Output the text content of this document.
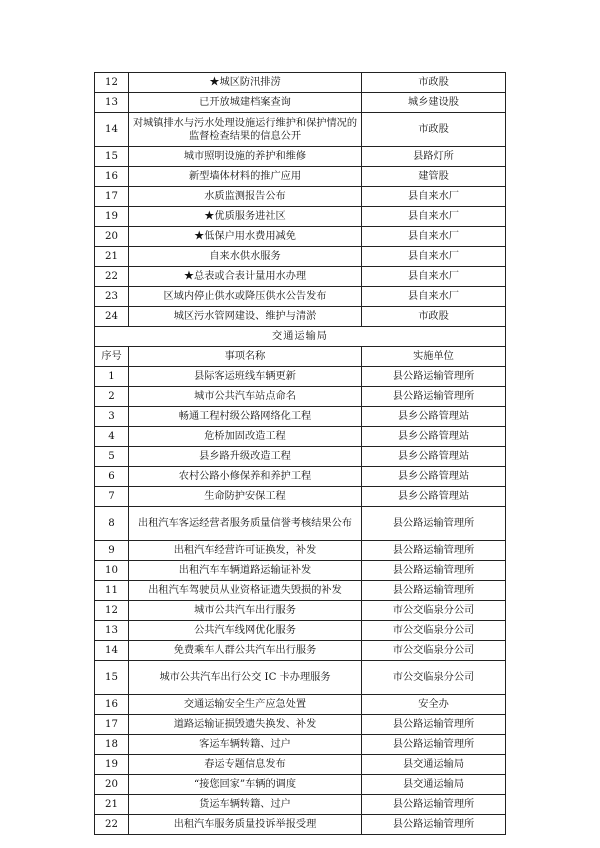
12	★城区防汛排涝	市政股
13	已开放城建档案查询	城乡建设股
14	对城镇排水与污水处理设施运行维护和保护情况的监督检查结果的信息公开	市政股
15	城市照明设施的养护和维修	县路灯所
16	新型墙体材料的推广应用	建管股
17	水质监测报告公布	县自来水厂
19	★优质服务进社区	县自来水厂
20	★低保户用水费用减免	县自来水厂
21	自来水供水服务	县自来水厂
22	★总表或合表计量用水办理	县自来水厂
23	区域内停止供水或降压供水公告发布	县自来水厂
24	城区污水管网建设、维护与清淤	市政股
交通运输局		
序号	事项名称	实施单位
1	县际客运班线车辆更新	县公路运输管理所
2	城市公共汽车站点命名	县公路运输管理所
3	畅通工程村级公路网络化工程	县乡公路管理站
4	危桥加固改造工程	县乡公路管理站
5	县乡路升级改造工程	县乡公路管理站
6	农村公路小修保养和养护工程	县乡公路管理站
7	生命防护安保工程	县乡公路管理站
8	出租汽车客运经营者服务质量信誉考核结果公布	县公路运输管理所
9	出租汽车经营许可证换发，补发	县公路运输管理所
10	出租汽车车辆道路运输证补发	县公路运输管理所
11	出租汽车驾驶员从业资格证遗失毁损的补发	县公路运输管理所
12	城市公共汽车出行服务	市公交临泉分公司
13	公共汽车线网优化服务	市公交临泉分公司
14	免费乘车人群公共汽车出行服务	市公交临泉分公司
15	城市公共汽车出行公交 IC 卡办理服务	市公交临泉分公司
16	交通运输安全生产应急处置	安全办
17	道路运输证损毁遗失换发、补发	县公路运输管理所
18	客运车辆转籍、过户	县公路运输管理所
19	春运专题信息发布	县交通运输局
20	“接您回家”车辆的调度	县交通运输局
21	货运车辆转籍、过户	县公路运输管理所
22	出租汽车服务质量投诉举报受理	县公路运输管理所
